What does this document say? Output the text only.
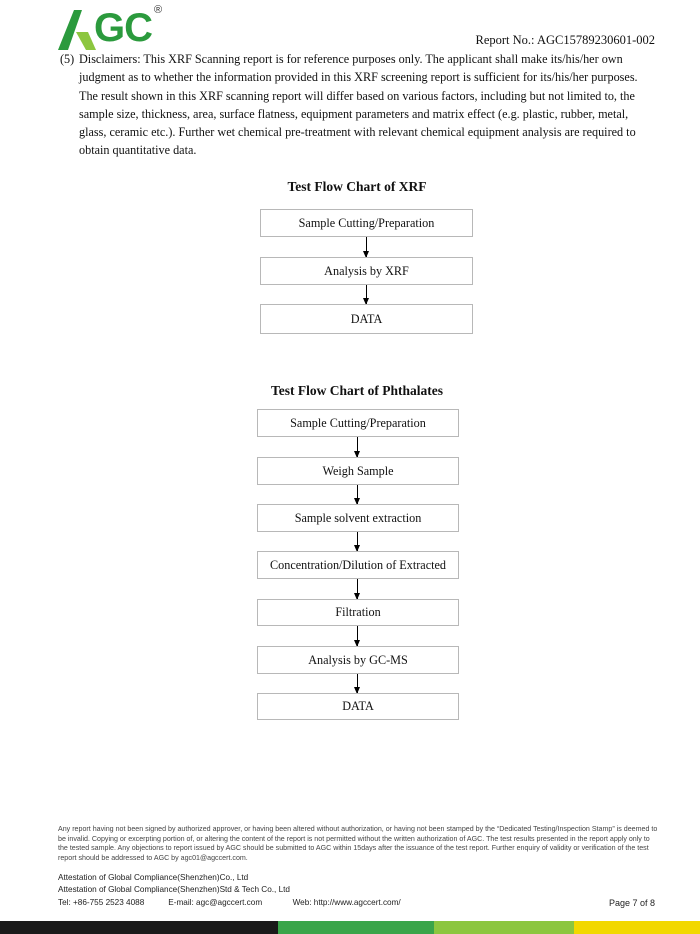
GC ®
Report No.: AGC15789230601-002
(5) Disclaimers: This XRF Scanning report is for reference purposes only. The applicant shall make its/his/her own judgment as to whether the information provided in this XRF screening report is sufficient for its/his/her purposes. The result shown in this XRF scanning report will differ based on various factors, including but not limited to, the sample size, thickness, area, surface flatness, equipment parameters and matrix effect (e.g. plastic, rubber, metal, glass, ceramic etc.). Further wet chemical pre-treatment with relevant chemical equipment analysis are required to obtain quantitative data.
Test Flow Chart of XRF
Sample Cutting/Preparation
Analysis by XRF
DATA
Test Flow Chart of Phthalates
Sample Cutting/Preparation
Weigh Sample
Sample solvent extraction
Concentration/Dilution of Extracted
Filtration
Analysis by GC-MS
DATA
Any report having not been signed by authorized approver, or having been altered without authorization, or having not been stamped by the “Dedicated Testing/Inspection Stamp” is deemed to be invalid. Copying or excerpting portion of, or altering the content of the report is not permitted without the written authorization of AGC. The test results presented in the report apply only to the tested sample. Any objections to report issued by AGC should be submitted to AGC within 15days after the issuance of the test report. Further enquiry of validity or verification of the test report should be addressed to AGC by agc01@agccert.com.
Attestation of Global Compliance(Shenzhen)Co., Ltd
Attestation of Global Compliance(Shenzhen)Std & Tech Co., Ltd
Tel: +86-755 2523 4088	E-mail: agc@agccert.com	Web: http://www.agccert.com/	Page 7 of 8
